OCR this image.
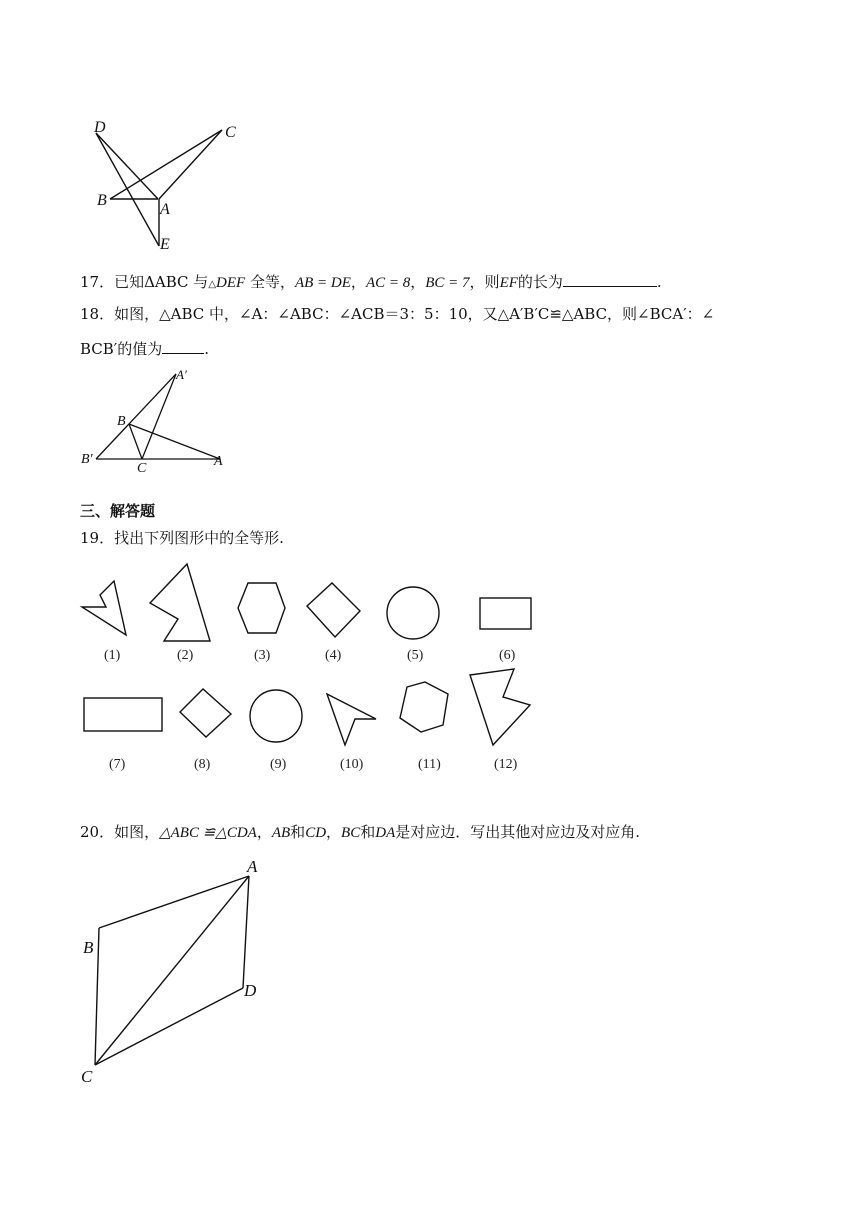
D	C
B
A
E
17．已知ΔABC 与△DEF 全等，AB = DE，AC = 8，BC = 7，则EF的长为	.
18．如图，△ABC 中，∠A：∠ABC：∠ACB＝3：5：10，又△A′B′C≌△ABC，则∠BCA′：∠
BCB′的值为	.
A′
B
B′
C	A
三、解答题
19．找出下列图形中的全等形.
(1)	(2)	(3)	(4)	(5)	(6)
(7)	(8)	(9)	(10)	(11)	(12)
20．如图，△ABC ≌△CDA，AB和CD，BC和DA是对应边．写出其他对应边及对应角.
A
B
D
C
